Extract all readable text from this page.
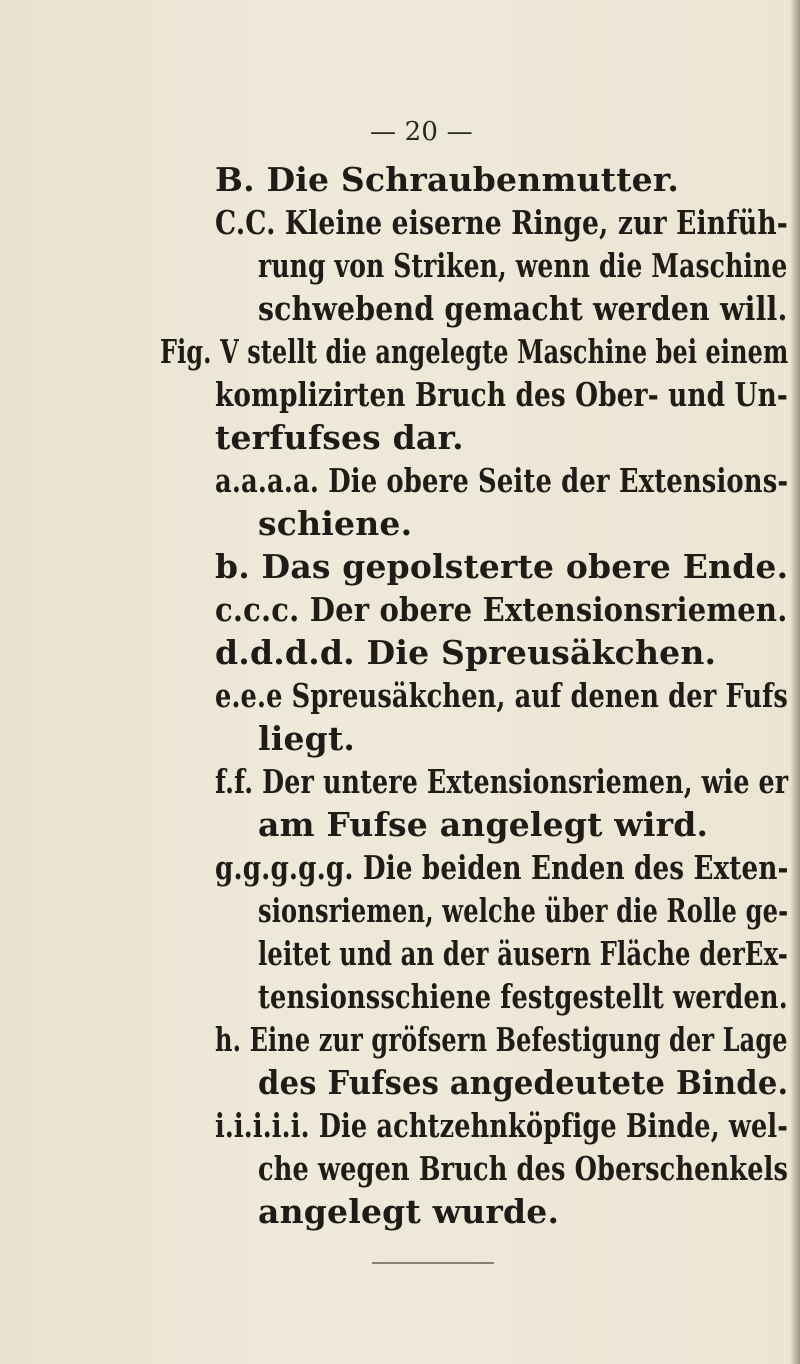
— 20 —
B. Die Schraubenmutter.
C.C. Kleine eiserne Ringe, zur Einfüh-
rung von Striken, wenn die Maschine
schwebend gemacht werden will.
Fig. V stellt die angelegte Maschine bei einem
komplizirten Bruch des Ober- und Un-
terfufses dar.
a.a.a.a. Die obere Seite der Extensions-
schiene.
b. Das gepolsterte obere Ende.
c.c.c. Der obere Extensionsriemen.
d.d.d.d. Die Spreusäkchen.
e.e.e Spreusäkchen, auf denen der Fufs
liegt.
f.f. Der untere Extensionsriemen, wie er
am Fufse angelegt wird.
g.g.g.g.g. Die beiden Enden des Exten-
sionsriemen, welche über die Rolle ge-
leitet und an der äusern Fläche derEx-
tensionsschiene festgestellt werden.
h. Eine zur gröfsern Befestigung der Lage
des Fufses angedeutete Binde.
i.i.i.i.i. Die achtzehnköpfige Binde, wel-
che wegen Bruch des Oberschenkels
angelegt wurde.
